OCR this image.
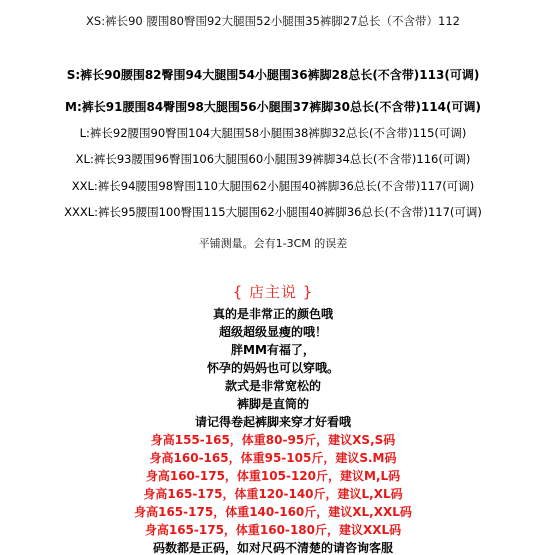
XS:裤长90 腰围80臀围92大腿围52小腿围35裤脚27总长（不含带）112
S:裤长90腰围82臀围94大腿围54小腿围36裤脚28总长(不含带)113(可调)
M:裤长91腰围84臀围98大腿围56小腿围37裤脚30总长(不含带)114(可调)
L:裤长92腰围90臀围104大腿围58小腿围38裤脚32总长(不含带)115(可调)
XL:裤长93腰围96臀围106大腿围60小腿围39裤脚34总长(不含带)116(可调)
XXL:裤长94腰围98臀围110大腿围62小腿围40裤脚36总长(不含带)117(可调)
XXXL:裤长95腰围100臀围115大腿围62小腿围40裤脚36总长(不含带)117(可调)
平铺测量。会有1-3CM 的误差
{ 店主说 }
真的是非常正的颜色哦
超级超级显瘦的哦！
胖MM有福了，
怀孕的妈妈也可以穿哦。
款式是非常宽松的
裤脚是直筒的
请记得卷起裤脚来穿才好看哦
身高155-165，体重80-95斤，建议XS,S码
身高160-165，体重95-105斤，建议S.M码
身高160-175，体重105-120斤，建议M,L码
身高165-175，体重120-140斤，建议L,XL码
身高165-175，体重140-160斤，建议XL,XXL码
身高165-175，体重160-180斤，建议XXL码
码数都是正码，如对尺码不清楚的请咨询客服
